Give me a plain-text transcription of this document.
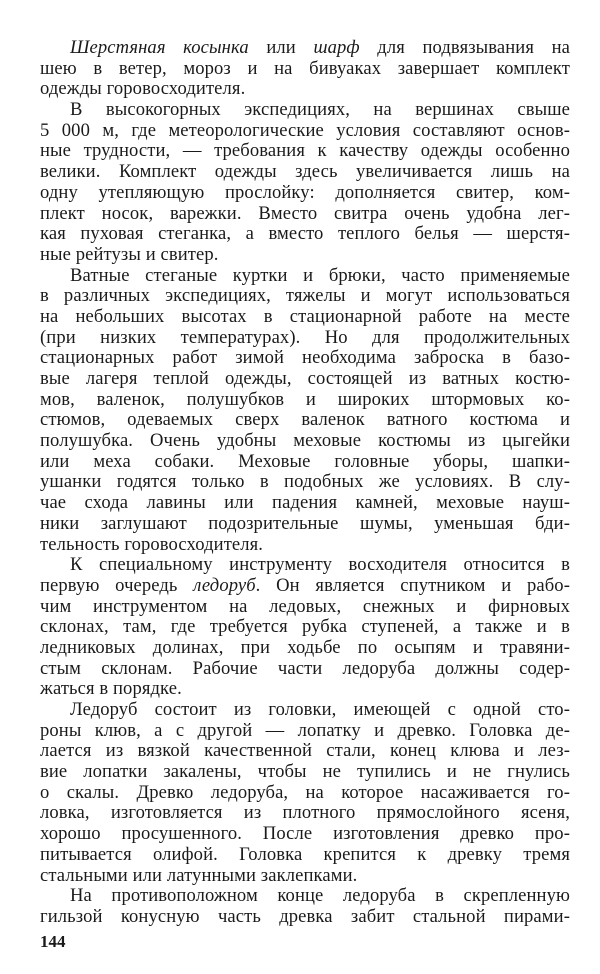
Шерстяная косынка или шарф для подвязывания на
шею в ветер, мороз и на бивуаках завершает комплект
одежды горовосходителя.
В высокогорных экспедициях, на вершинах свыше
5 000 м, где метеорологические условия составляют основ-
ные трудности, — требования к качеству одежды особенно
велики. Комплект одежды здесь увеличивается лишь на
одну утепляющую прослойку: дополняется свитер, ком-
плект носок, варежки. Вместо свитра очень удобна лег-
кая пуховая стеганка, а вместо теплого белья — шерстя-
ные рейтузы и свитер.
Ватные стеганые куртки и брюки, часто применяемые
в различных экспедициях, тяжелы и могут использоваться
на небольших высотах в стационарной работе на месте
(при низких температурах). Но для продолжительных
стационарных работ зимой необходима заброска в базо-
вые лагеря теплой одежды, состоящей из ватных костю-
мов, валенок, полушубков и широких штормовых ко-
стюмов, одеваемых сверх валенок ватного костюма и
полушубка. Очень удобны меховые костюмы из цыгейки
или меха собаки. Меховые головные уборы, шапки-
ушанки годятся только в подобных же условиях. В слу-
чае схода лавины или падения камней, меховые науш-
ники заглушают подозрительные шумы, уменьшая бди-
тельность горовосходителя.
К специальному инструменту восходителя относится в
первую очередь ледоруб. Он является спутником и рабо-
чим инструментом на ледовых, снежных и фирновых
склонах, там, где требуется рубка ступеней, а также и в
ледниковых долинах, при ходьбе по осыпям и травяни-
стым склонам. Рабочие части ледоруба должны содер-
жаться в порядке.
Ледоруб состоит из головки, имеющей с одной сто-
роны клюв, а с другой — лопатку и древко. Головка де-
лается из вязкой качественной стали, конец клюва и лез-
вие лопатки закалены, чтобы не тупились и не гнулись
о скалы. Древко ледоруба, на которое насаживается го-
ловка, изготовляется из плотного прямослойного ясеня,
хорошо просушенного. После изготовления древко про-
питывается олифой. Головка крепится к древку тремя
стальными или латунными заклепками.
На противоположном конце ледоруба в скрепленную
гильзой конусную часть древка забит стальной пирами-
144
